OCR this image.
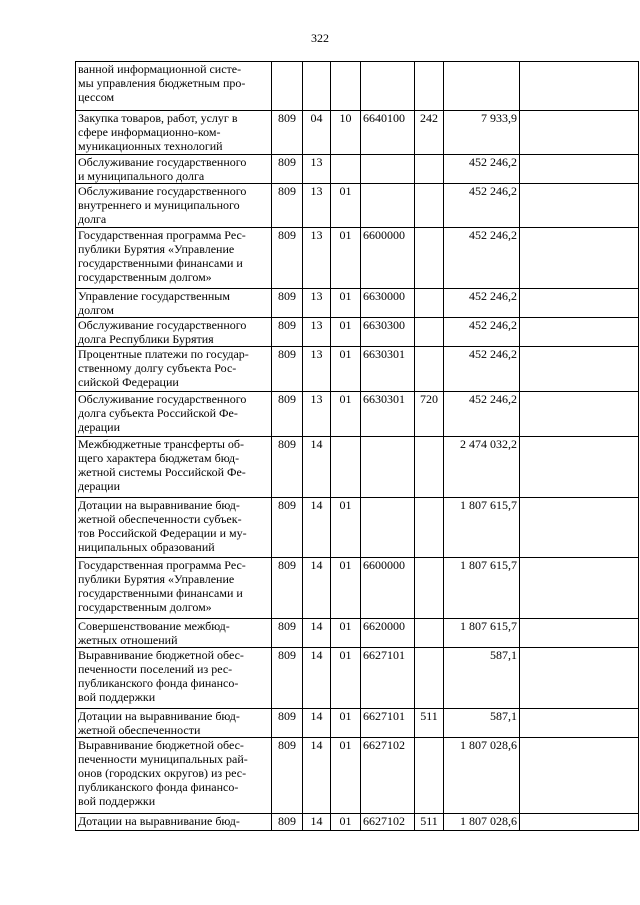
322
ванной информационной систе-
мы управления бюджетным про-
цессом							
Закупка товаров, работ, услуг в
сфере информационно-ком-
муникационных технологий	809	04	10	6640100	242	7 933,9	
Обслуживание государственного
и муниципального долга	809	13				452 246,2	
Обслуживание государственного
внутреннего и муниципального
долга	809	13	01			452 246,2	
Государственная программа Рес-
публики Бурятия «Управление
государственными финансами и
государственным долгом»	809	13	01	6600000		452 246,2	
Управление государственным
долгом	809	13	01	6630000		452 246,2	
Обслуживание государственного
долга Республики Бурятия	809	13	01	6630300		452 246,2	
Процентные платежи по государ-
ственному долгу субъекта Рос-
сийской Федерации	809	13	01	6630301		452 246,2	
Обслуживание государственного
долга субъекта Российской Фе-
дерации	809	13	01	6630301	720	452 246,2	
Межбюджетные трансферты об-
щего характера бюджетам бюд-
жетной системы Российской Фе-
дерации	809	14				2 474 032,2	
Дотации на выравнивание бюд-
жетной обеспеченности субъек-
тов Российской Федерации и му-
ниципальных образований	809	14	01			1 807 615,7	
Государственная программа Рес-
публики Бурятия «Управление
государственными финансами и
государственным долгом»	809	14	01	6600000		1 807 615,7	
Совершенствование межбюд-
жетных отношений	809	14	01	6620000		1 807 615,7	
Выравнивание бюджетной обес-
печенности поселений из рес-
публиканского фонда финансо-
вой поддержки	809	14	01	6627101		587,1	
Дотации на выравнивание бюд-
жетной обеспеченности	809	14	01	6627101	511	587,1	
Выравнивание бюджетной обес-
печенности муниципальных рай-
онов (городских округов) из рес-
публиканского фонда финансо-
вой поддержки	809	14	01	6627102		1 807 028,6	
Дотации на выравнивание бюд-	809	14	01	6627102	511	1 807 028,6	
